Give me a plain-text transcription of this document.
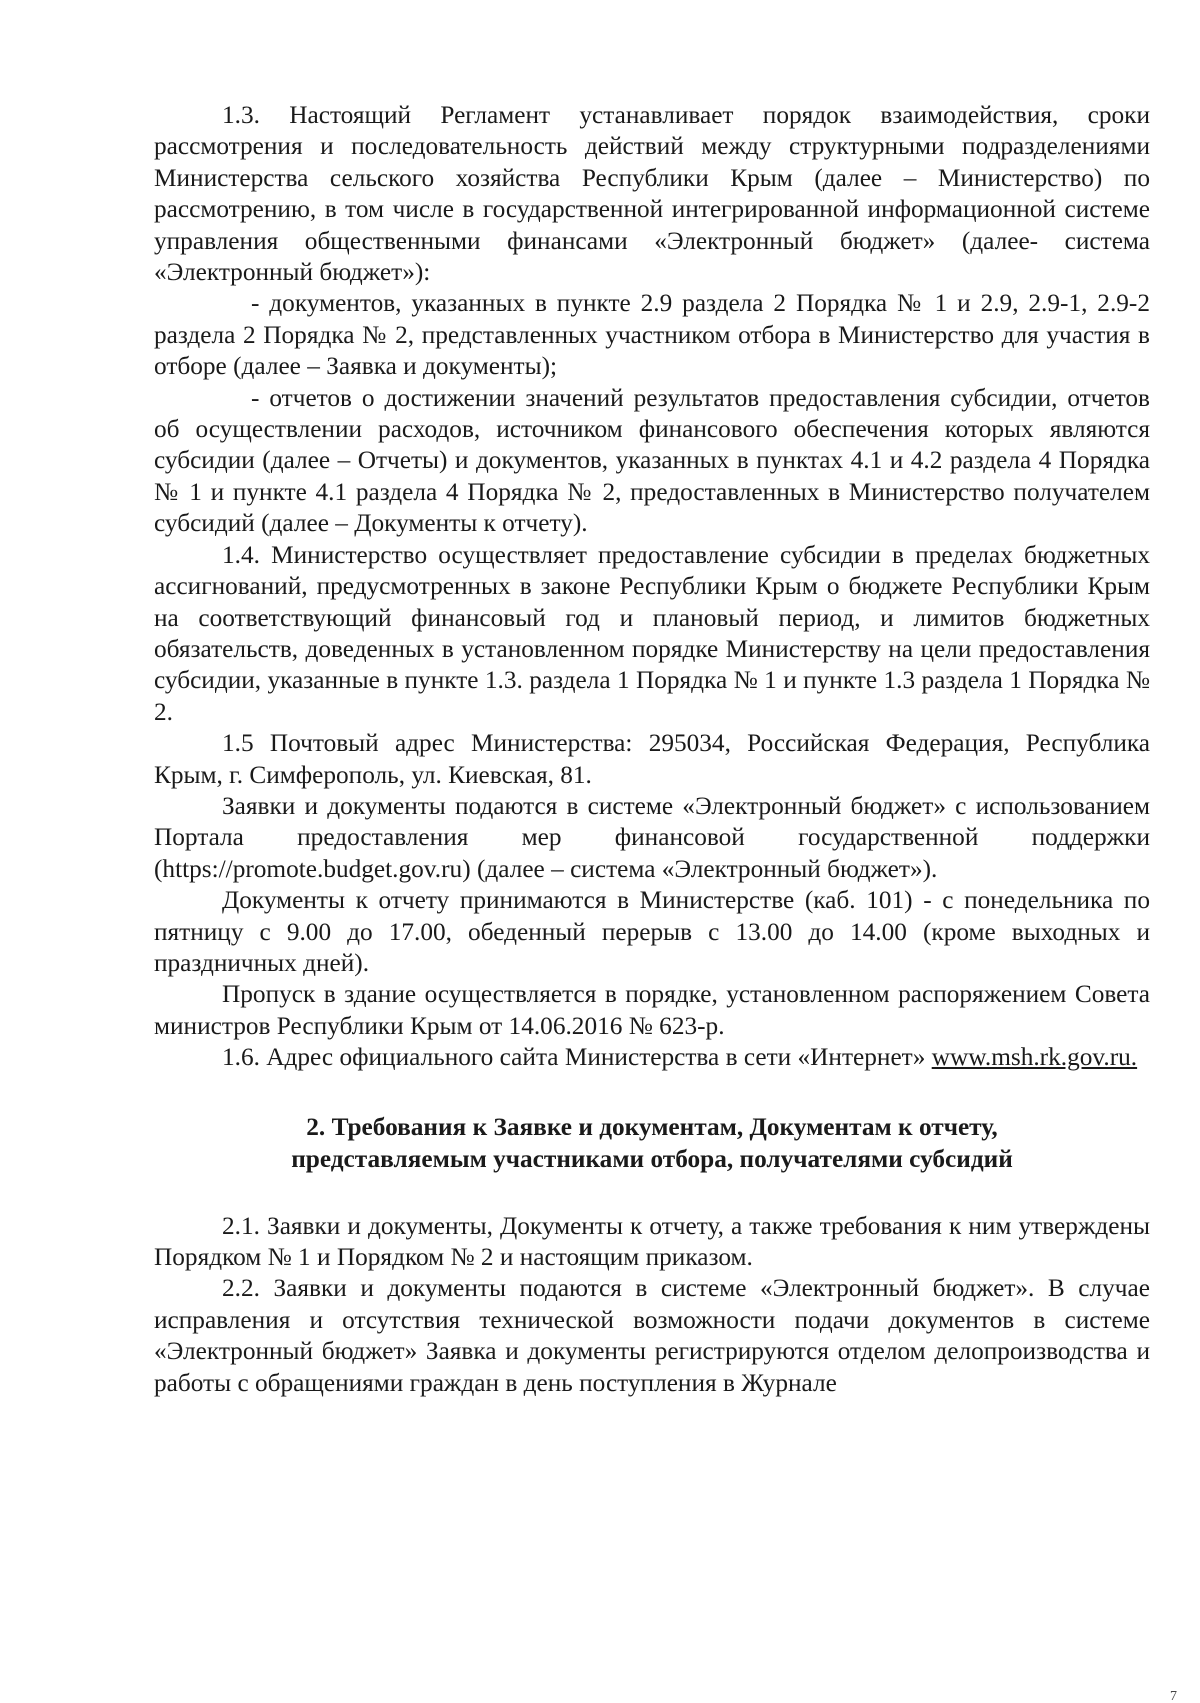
1.3. Настоящий Регламент устанавливает порядок взаимодействия, сроки рассмотрения и последовательность действий между структурными подразделениями Министерства сельского хозяйства Республики Крым (далее – Министерство) по рассмотрению, в том числе в государственной интегрированной информационной системе управления общественными финансами «Электронный бюджет» (далее- система «Электронный бюджет»):

- документов, указанных в пункте 2.9 раздела 2 Порядка № 1 и 2.9, 2.9-1, 2.9-2 раздела 2 Порядка № 2, представленных участником отбора в Министерство для участия в отборе (далее – Заявка и документы);

- отчетов о достижении значений результатов предоставления субсидии, отчетов об осуществлении расходов, источником финансового обеспечения которых являются субсидии (далее – Отчеты) и документов, указанных в пунктах 4.1 и 4.2 раздела 4 Порядка № 1 и пункте 4.1 раздела 4 Порядка № 2, предоставленных в Министерство получателем субсидий (далее – Документы к отчету).

1.4. Министерство осуществляет предоставление субсидии в пределах бюджетных ассигнований, предусмотренных в законе Республики Крым о бюджете Республики Крым на соответствующий финансовый год и плановый период, и лимитов бюджетных обязательств, доведенных в установленном порядке Министерству на цели предоставления субсидии, указанные в пункте 1.3. раздела 1 Порядка № 1 и пункте 1.3 раздела 1 Порядка № 2.

1.5 Почтовый адрес Министерства: 295034, Российская Федерация, Республика Крым, г. Симферополь, ул. Киевская, 81.

Заявки и документы подаются в системе «Электронный бюджет» с использованием Портала предоставления мер финансовой государственной поддержки (https://promote.budget.gov.ru) (далее – система «Электронный бюджет»).

Документы к отчету принимаются в Министерстве (каб. 101) - с понедельника по пятницу с 9.00 до 17.00, обеденный перерыв с 13.00 до 14.00 (кроме выходных и праздничных дней).

Пропуск в здание осуществляется в порядке, установленном распоряжением Совета министров Республики Крым от 14.06.2016 № 623-р.

1.6. Адрес официального сайта Министерства в сети «Интернет» www.msh.rk.gov.ru.

2. Требования к Заявке и документам, Документам к отчету,
представляемым участниками отбора, получателями субсидий

2.1. Заявки и документы, Документы к отчету, а также требования к ним утверждены Порядком № 1 и Порядком № 2 и настоящим приказом.

2.2. Заявки и документы подаются в системе «Электронный бюджет». В случае исправления и отсутствия технической возможности подачи документов в системе «Электронный бюджет» Заявка и документы регистрируются отделом делопроизводства и работы с обращениями граждан в день поступления в Журнале

7
